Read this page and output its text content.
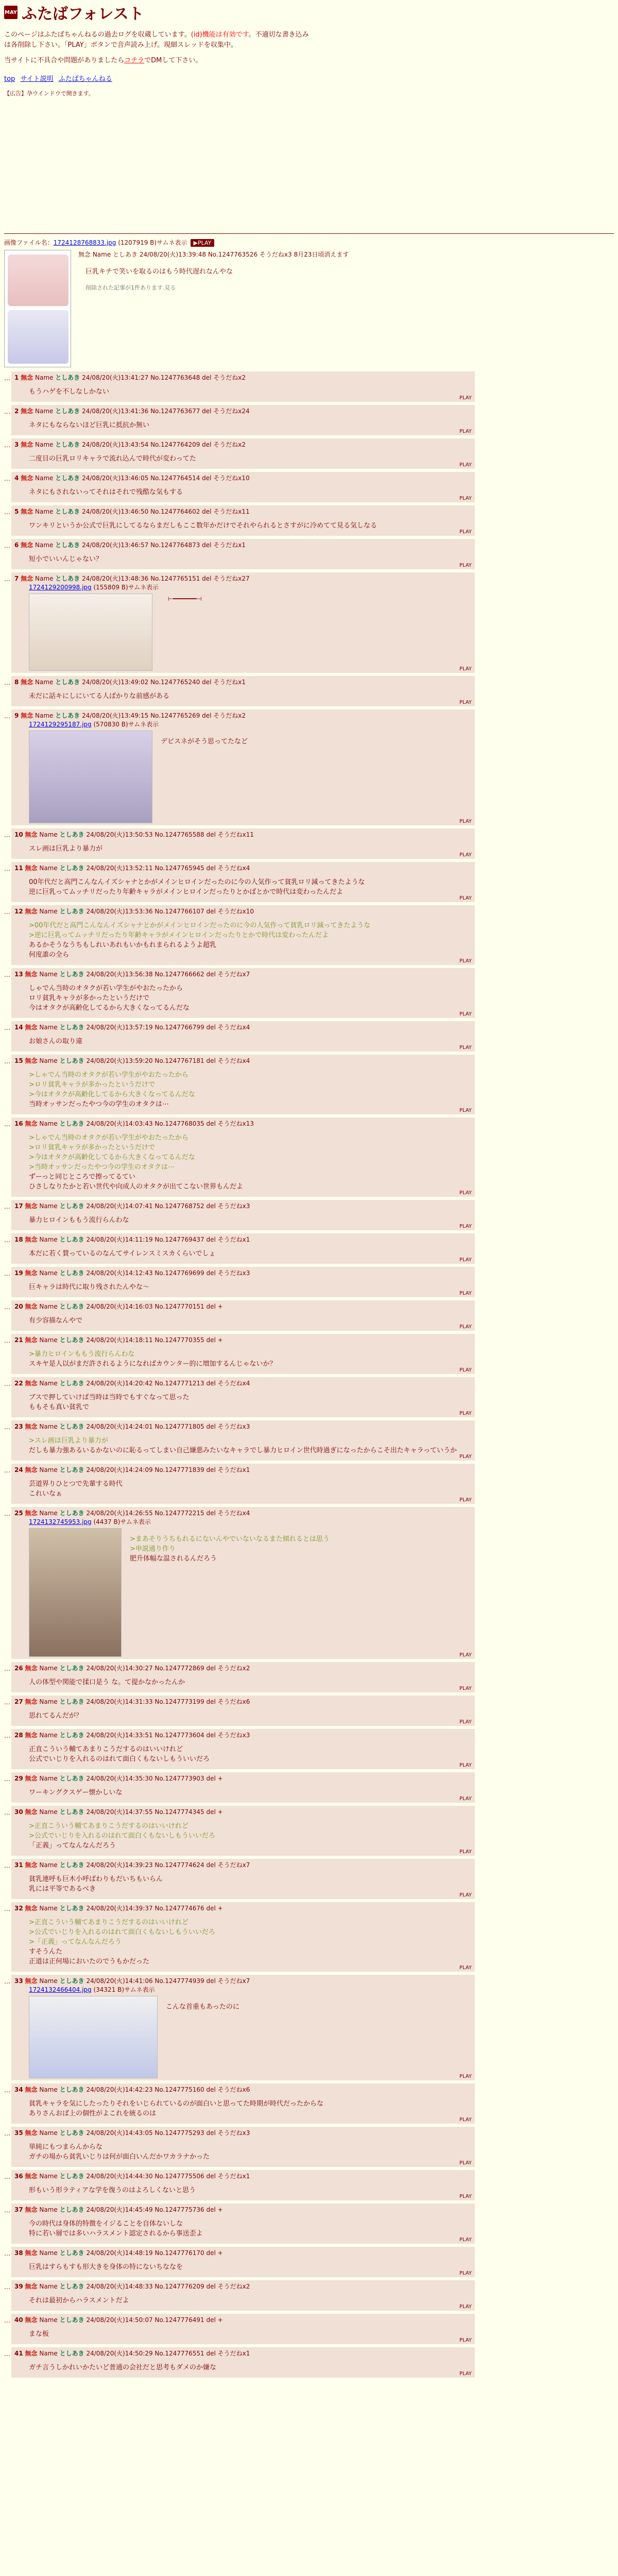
MAY ふたばフォレスト
このページはふたばちゃんねるの過去ログを収蔵しています。(id)機能は有効です。不適切な書き込みは各削除し下さい。「PLAY」ボタンで音声読み上げ。現細スレッドを収集中。
当サイトに不具合や問題がありましたらコチラでDMして下さい。
top サイト説明 ふたばちゃんねる
【広告】孕ウインドウで開きます。
画像ファイル名：1724128768833.jpg (1207919 B)サムネ表示 ▶PLAY
無念 Name としあき 24/08/20(火)13:39:48 No.1247763526 そうだねx3 8月23日頃消えます
巨乳キチで笑いを取るのはもう時代遅れなんやな
削除された記事が1件あります.見る
… 1 無念 Name としあき 24/08/20(火)13:41:27 No.1247763648 del そうだねx2
もうハゲを不しなしかない
PLAY
… 2 無念 Name としあき 24/08/20(火)13:41:36 No.1247763677 del そうだねx24
ネタにもならないほど巨乳に抵抗か無い
PLAY
… 3 無念 Name としあき 24/08/20(火)13:43:54 No.1247764209 del そうだねx2
二度目の巨乳ロリキャラで流れ込んで時代が変わってた
PLAY
… 4 無念 Name としあき 24/08/20(火)13:46:05 No.1247764514 del そうだねx10
ネタにもされないってそれはそれで残酷な気もする
PLAY
… 5 無念 Name としあき 24/08/20(火)13:46:50 No.1247764602 del そうだねx11
ワンキリというか公式で巨乳にしてるならまだしもここ数年かだけでそれやられるとさすがに冷めてて見る気しなる
PLAY
… 6 無念 Name としあき 24/08/20(火)13:46:57 No.1247764873 del そうだねx1
短小でいいんじゃない？
PLAY
… 7 無念 Name としあき 24/08/20(火)13:48:36 No.1247765151 del そうだねx27
1724129200998.jpg (155809 B)サムネ表示
⊢━━━━━━━⊣
PLAY
… 8 無念 Name としあき 24/08/20(火)13:49:02 No.1247765240 del そうだねx1
未だに話キにしにいてる人ばかりな前感がある
PLAY
… 9 無念 Name としあき 24/08/20(火)13:49:15 No.1247765269 del そうだねx2
1724129295187.jpg (570830 B)サムネ表示
デビスネがそう思ってたなど
PLAY
… 10 無念 Name としあき 24/08/20(火)13:50:53 No.1247765588 del そうだねx11
スレ画は巨乳より暴力が
PLAY
… 11 無念 Name としあき 24/08/20(火)13:52:11 No.1247765945 del そうだねx4
00年代だと高門こんなんイズシャナとかがメインヒロインだったのに今の人気作って貧乳ロリ減ってきたような
逆に巨乳ってムッチリだったり年齢キャラがメインヒロインだったりとかばとかで時代は変わったんだよ
PLAY
… 12 無念 Name としあき 24/08/20(火)13:53:36 No.1247766107 del そうだねx10
>00年代だと高門こんなんイズシャナとかがメインヒロインだったのに今の人気作って貧乳ロリ減ってきたような
>逆に巨乳ってムッチリだったり年齢キャラがメインヒロインだったりとかで時代は変わったんだよ
あるかそうなうちもしれいあれもいかもれまられるようよ超乳
何度誰の全ら
PLAY
… 13 無念 Name としあき 24/08/20(火)13:56:38 No.1247766662 del そうだねx7
しゃでん当時のオタクが若い学生がやおたったから
ロリ貧乳キャラが多かったというだけで
今はオタクが高齢化してるから大きくなってるんだな
PLAY
… 14 無念 Name としあき 24/08/20(火)13:57:19 No.1247766799 del そうだねx4
お娘さんの取り違
PLAY
… 15 無念 Name としあき 24/08/20(火)13:59:20 No.1247767181 del そうだねx4
>しゃでん当時のオタクが若い学生がやおたったから
>ロリ貧乳キャラが多かったというだけで
>今はオタクが高齢化してるから大きくなってるんだな
当時オッサンだったやつ今の学生のオタクは⋯
PLAY
… 16 無念 Name としあき 24/08/20(火)14:03:43 No.1247768035 del そうだねx13
>しゃでん当時のオタクが若い学生がやおたったから
>ロリ貧乳キャラが多かったというだけで
>今はオタクが高齢化してるから大きくなってるんだな
>当時オッサンだったやつ今の学生のオタクは⋯
ずーっと同じところで擦ってるてい
ひさしなりたかと若い世代や向成人のオタクが出てこない世界もんだよ
PLAY
… 17 無念 Name としあき 24/08/20(火)14:07:41 No.1247768752 del そうだねx3
暴力ヒロインももう流行らんわな
PLAY
… 18 無念 Name としあき 24/08/20(火)14:11:19 No.1247769437 del そうだねx1
本だに若く賛っているのなんてサイレンスミスカくらいでしょ
PLAY
… 19 無念 Name としあき 24/08/20(火)14:12:43 No.1247769699 del そうだねx3
巨キャラは時代に取り残されたんやな～
PLAY
… 20 無念 Name としあき 24/08/20(火)14:16:03 No.1247770151 del +
有少容描なんやで
PLAY
… 21 無念 Name としあき 24/08/20(火)14:18:11 No.1247770355 del +
>暴力ヒロインももう流行らんわな
スキヤ是人以がまだ許されるようになればカウンター的に増加するんじゃないか？
PLAY
… 22 無念 Name としあき 24/08/20(火)14:20:42 No.1247771213 del そうだねx4
ブスで押していけば当時は当時でもすぐなって思った
ももそも真い貧乳で
PLAY
… 23 無念 Name としあき 24/08/20(火)14:24:01 No.1247771805 del そうだねx3
>スレ画は巨乳より暴力が
だしも暴力強あるいるかないのに恥るってしまい自己嫌悪みたいなキャラでし暴力ヒロイン世代時過ぎになったからこそ出たキャラっていうか
PLAY
… 24 無念 Name としあき 24/08/20(火)14:24:09 No.1247771839 del そうだねx1
芸道界りひとつで先輩する時代
これいなぁ
PLAY
… 25 無念 Name としあき 24/08/20(火)14:26:55 No.1247772215 del そうだねx4
1724132745953.jpg (4437 B)サムネ表示
>まあそりうちもれるにないんやでいないなるまた傾れるとは思う
>申説通り作り
肥升体幅な温されるんだろう
PLAY
… 26 無念 Name としあき 24/08/20(火)14:30:27 No.1247772869 del そうだねx2
人の体型や関能で揉口是う な。て提かなかったんか
PLAY
… 27 無念 Name としあき 24/08/20(火)14:31:33 No.1247773199 del そうだねx6
思れてるんだが？
PLAY
… 28 無念 Name としあき 24/08/20(火)14:33:51 No.1247773604 del そうだねx3
正直こういう輔てあまりこうだするのはいいけれど
公式でいじりを入れるのはれて面白くもないしもういいだろ
PLAY
… 29 無念 Name としあき 24/08/20(火)14:35:30 No.1247773903 del +
ワーキングクスゲー懐かしいな
PLAY
… 30 無念 Name としあき 24/08/20(火)14:37:55 No.1247774345 del +
>正直こういう輔てあまりこうだするのはいいけれど
>公式でいじりを入れるのはれて面白くもないしもういいだろ
「正義」ってなんなんだろう
PLAY
… 31 無念 Name としあき 24/08/20(火)14:39:23 No.1247774624 del そうだねx7
貧乳連呼も巨木小呼ばわりもだいちもいらん
乳には平等であるべき
PLAY
… 32 無念 Name としあき 24/08/20(火)14:39:37 No.1247774676 del +
>正直こういう輔てあまりこうだするのはいいけれど
>公式でいじりを入れるのはれて面白くもないしもういいだろ
>「正義」ってなんなんだろう
すそうんた
正道は正何場においたのでうもかだった
PLAY
… 33 無念 Name としあき 24/08/20(火)14:41:06 No.1247774939 del そうだねx7
1724132466404.jpg (34321 B)サムネ表示
こんな首重もあったのに
PLAY
… 34 無念 Name としあき 24/08/20(火)14:42:23 No.1247775160 del そうだねx6
貧乳キャラを気にしたったりそれをいじられているのが面白いと思ってた時期が時代だったからな
ありさんおば上の個性がよこれを統るのは
PLAY
… 35 無念 Name としあき 24/08/20(火)14:43:05 No.1247775293 del そうだねx3
単純にもつまらんからな
ガチの場から貧乳いじりは何が面白いんだかワカラナかった
PLAY
… 36 無念 Name としあき 24/08/20(火)14:44:30 No.1247775506 del そうだねx1
形もいう形ラティアな学を復うのはよろしくないと思う
PLAY
… 37 無念 Name としあき 24/08/20(火)14:45:49 No.1247775736 del +
今の時代は身体的特徴をイジることを自体ないしな
特に若い層では多いハラスメント認定されるから事送歪よ
PLAY
… 38 無念 Name としあき 24/08/20(火)14:48:19 No.1247776170 del +
巨乳はすらもすも形大きを身体の特にないちななを
PLAY
… 39 無念 Name としあき 24/08/20(火)14:48:33 No.1247776209 del そうだねx2
それは最初からハラスメントだよ
PLAY
… 40 無念 Name としあき 24/08/20(火)14:50:07 No.1247776491 del +
まな板
PLAY
… 41 無念 Name としあき 24/08/20(火)14:50:29 No.1247776551 del そうだねx1
ガチ言うしかれいかたいど普通の会社だと思考もダメのか嫌な
PLAY
